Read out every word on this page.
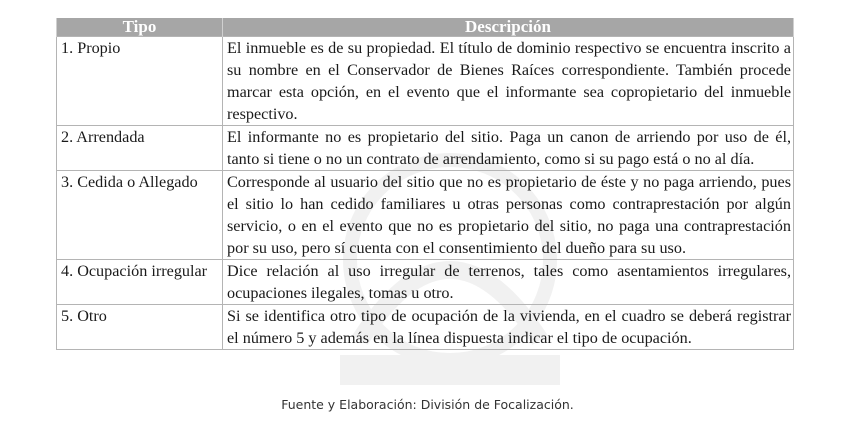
Tipo	Descripción
1. Propio	El inmueble es de su propiedad. El título de dominio respectivo se encuentra inscrito a su nombre en el Conservador de Bienes Raíces correspondiente. También procede marcar esta opción, en el evento que el informante sea copropietario del inmueble respectivo.
2. Arrendada	El informante no es propietario del sitio. Paga un canon de arriendo por uso de él, tanto si tiene o no un contrato de arrendamiento, como si su pago está o no al día.
3. Cedida o Allegado	Corresponde al usuario del sitio que no es propietario de éste y no paga arriendo, pues el sitio lo han cedido familiares u otras personas como contraprestación por algún servicio, o en el evento que no es propietario del sitio, no paga una contraprestación por su uso, pero sí cuenta con el consentimiento del dueño para su uso.
4. Ocupación irregular	Dice relación al uso irregular de terrenos, tales como asentamientos irregulares, ocupaciones ilegales, tomas u otro.
5. Otro	Si se identifica otro tipo de ocupación de la vivienda, en el cuadro se deberá registrar el número 5 y además en la línea dispuesta indicar el tipo de ocupación.
Fuente y Elaboración: División de Focalización.
